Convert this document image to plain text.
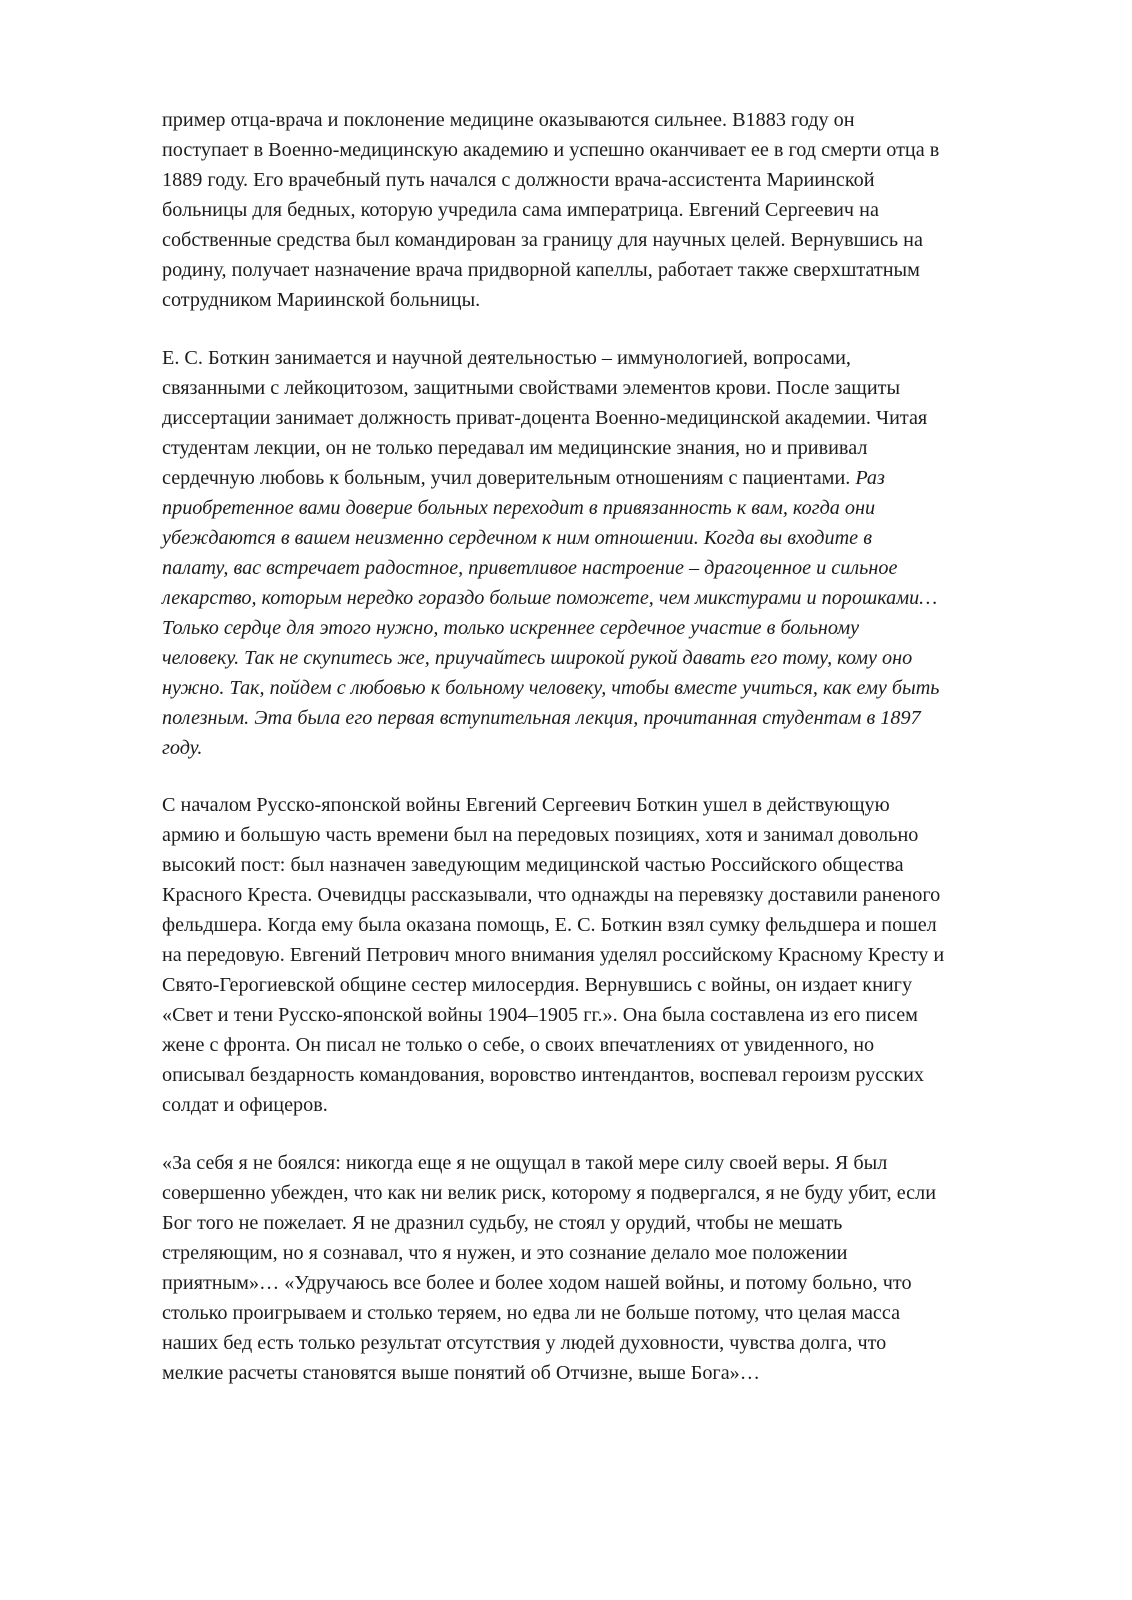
пример отца-врача и поклонение медицине оказываются сильнее. В1883 году он
поступает в Военно-медицинскую академию и успешно оканчивает ее в год смерти отца в
1889 году. Его врачебный путь начался с должности врача-ассистента Мариинской
больницы для бедных, которую учредила сама императрица. Евгений Сергеевич на
собственные средства был командирован за границу для научных целей. Вернувшись на
родину, получает назначение врача придворной капеллы, работает также сверхштатным
сотрудником Мариинской больницы.

Е. С. Боткин занимается и научной деятельностью – иммунологией, вопросами,
связанными с лейкоцитозом, защитными свойствами элементов крови. После защиты
диссертации занимает должность приват-доцента Военно-медицинской академии. Читая
студентам лекции, он не только передавал им медицинские знания, но и прививал
сердечную любовь к больным, учил доверительным отношениям с пациентами. Раз
приобретенное вами доверие больных переходит в привязанность к вам, когда они
убеждаются в вашем неизменно сердечном к ним отношении. Когда вы входите в
палату, вас встречает радостное, приветливое настроение – драгоценное и сильное
лекарство, которым нередко гораздо больше поможете, чем микстурами и порошками…
Только сердце для этого нужно, только искреннее сердечное участие в больному
человеку. Так не скупитесь же, приучайтесь широкой рукой давать его тому, кому оно
нужно. Так, пойдем с любовью к больному человеку, чтобы вместе учиться, как ему быть
полезным. Эта была его первая вступительная лекция, прочитанная студентам в 1897
году.

С началом Русско-японской войны Евгений Сергеевич Боткин ушел в действующую
армию и большую часть времени был на передовых позициях, хотя и занимал довольно
высокий пост: был назначен заведующим медицинской частью Российского общества
Красного Креста. Очевидцы рассказывали, что однажды на перевязку доставили раненого
фельдшера. Когда ему была оказана помощь, Е. С. Боткин взял сумку фельдшера и пошел
на передовую. Евгений Петрович много внимания уделял российскому Красному Кресту и
Свято-Герогиевской общине сестер милосердия. Вернувшись с войны, он издает книгу
«Свет и тени Русско-японской войны 1904–1905 гг.». Она была составлена из его писем
жене с фронта. Он писал не только о себе, о своих впечатлениях от увиденного, но
описывал бездарность командования, воровство интендантов, воспевал героизм русских
солдат и офицеров.

«За себя я не боялся: никогда еще я не ощущал в такой мере силу своей веры. Я был
совершенно убежден, что как ни велик риск, которому я подвергался, я не буду убит, если
Бог того не пожелает. Я не дразнил судьбу, не стоял у орудий, чтобы не мешать
стреляющим, но я сознавал, что я нужен, и это сознание делало мое положении
приятным»… «Удручаюсь все более и более ходом нашей войны, и потому больно, что
столько проигрываем и столько теряем, но едва ли не больше потому, что целая масса
наших бед есть только результат отсутствия у людей духовности, чувства долга, что
мелкие расчеты становятся выше понятий об Отчизне, выше Бога»…
